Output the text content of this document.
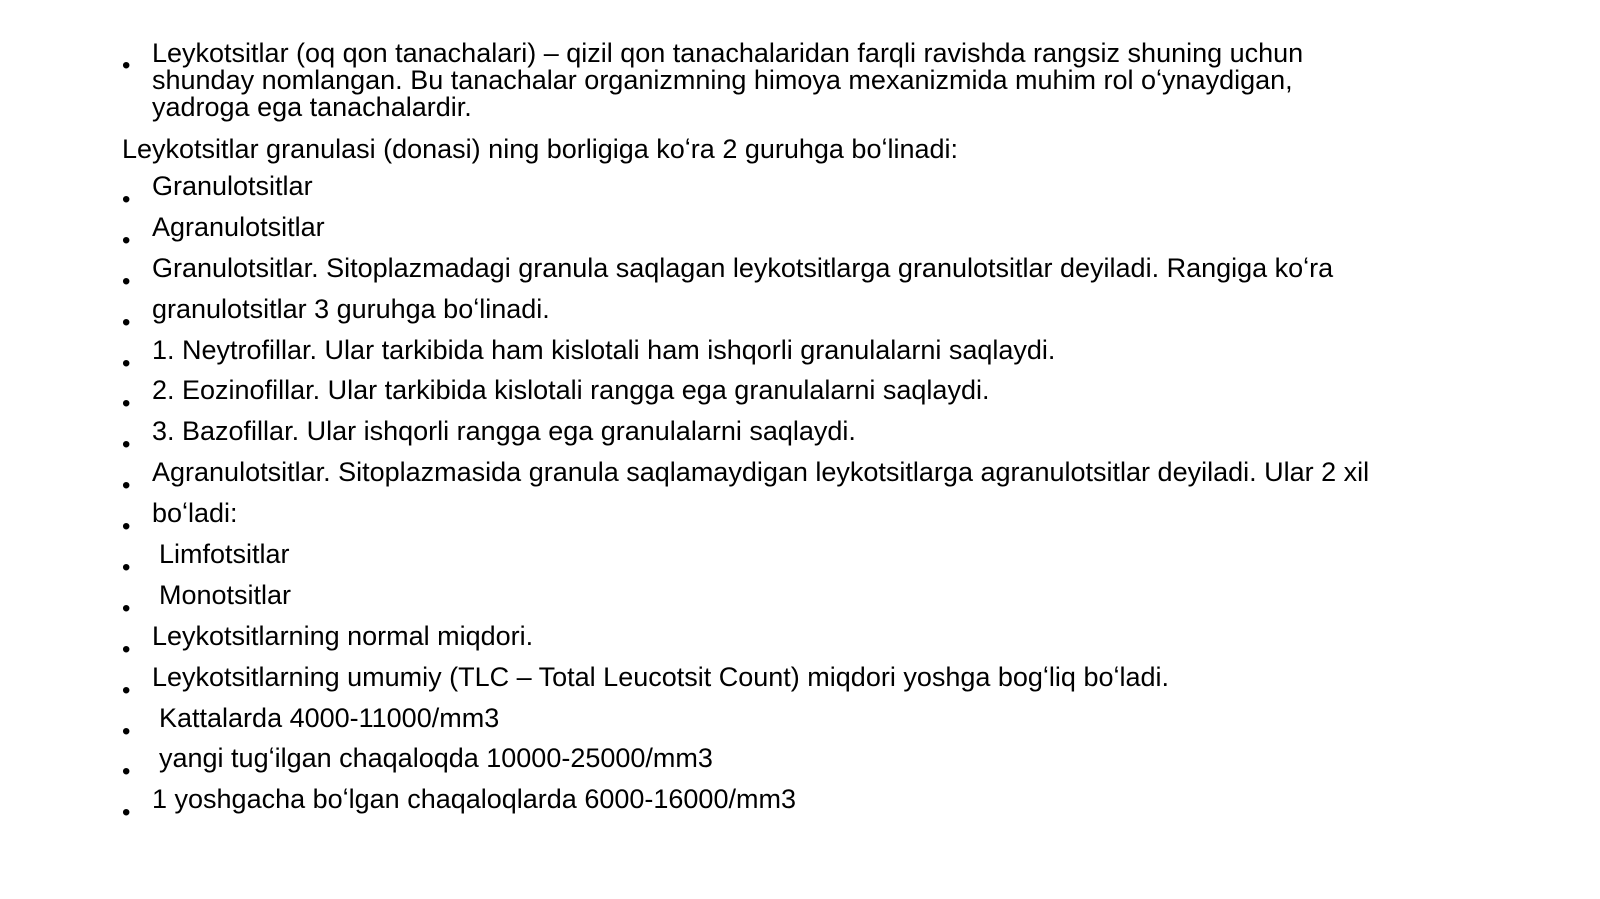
• Leykotsitlar (oq qon tanachalari) – qizil qon tanachalaridan farqli ravishda rangsiz shuning uchun
shunday nomlangan. Bu tanachalar organizmning himoya mexanizmida muhim rol oʻynaydigan,
yadroga ega tanachalardir.
Leykotsitlar granulasi (donasi) ning borligiga koʻra 2 guruhga boʻlinadi:
• Granulotsitlar
• Agranulotsitlar
• Granulotsitlar. Sitoplazmadagi granula saqlagan leykotsitlarga granulotsitlar deyiladi. Rangiga koʻra
• granulotsitlar 3 guruhga boʻlinadi.
• 1. Neytrofillar. Ular tarkibida ham kislotali ham ishqorli granulalarni saqlaydi.
• 2. Eozinofillar. Ular tarkibida kislotali rangga ega granulalarni saqlaydi.
• 3. Bazofillar. Ular ishqorli rangga ega granulalarni saqlaydi.
• Agranulotsitlar. Sitoplazmasida granula saqlamaydigan leykotsitlarga agranulotsitlar deyiladi. Ular 2 xil
• boʻladi:
• Limfotsitlar
• Monotsitlar
• Leykotsitlarning normal miqdori.
• Leykotsitlarning umumiy (TLC – Total Leucotsit Count) miqdori yoshga bogʻliq boʻladi.
• Kattalarda 4000-11000/mm3
• yangi tugʻilgan chaqaloqda 10000-25000/mm3
• 1 yoshgacha boʻlgan chaqaloqlarda 6000-16000/mm3
